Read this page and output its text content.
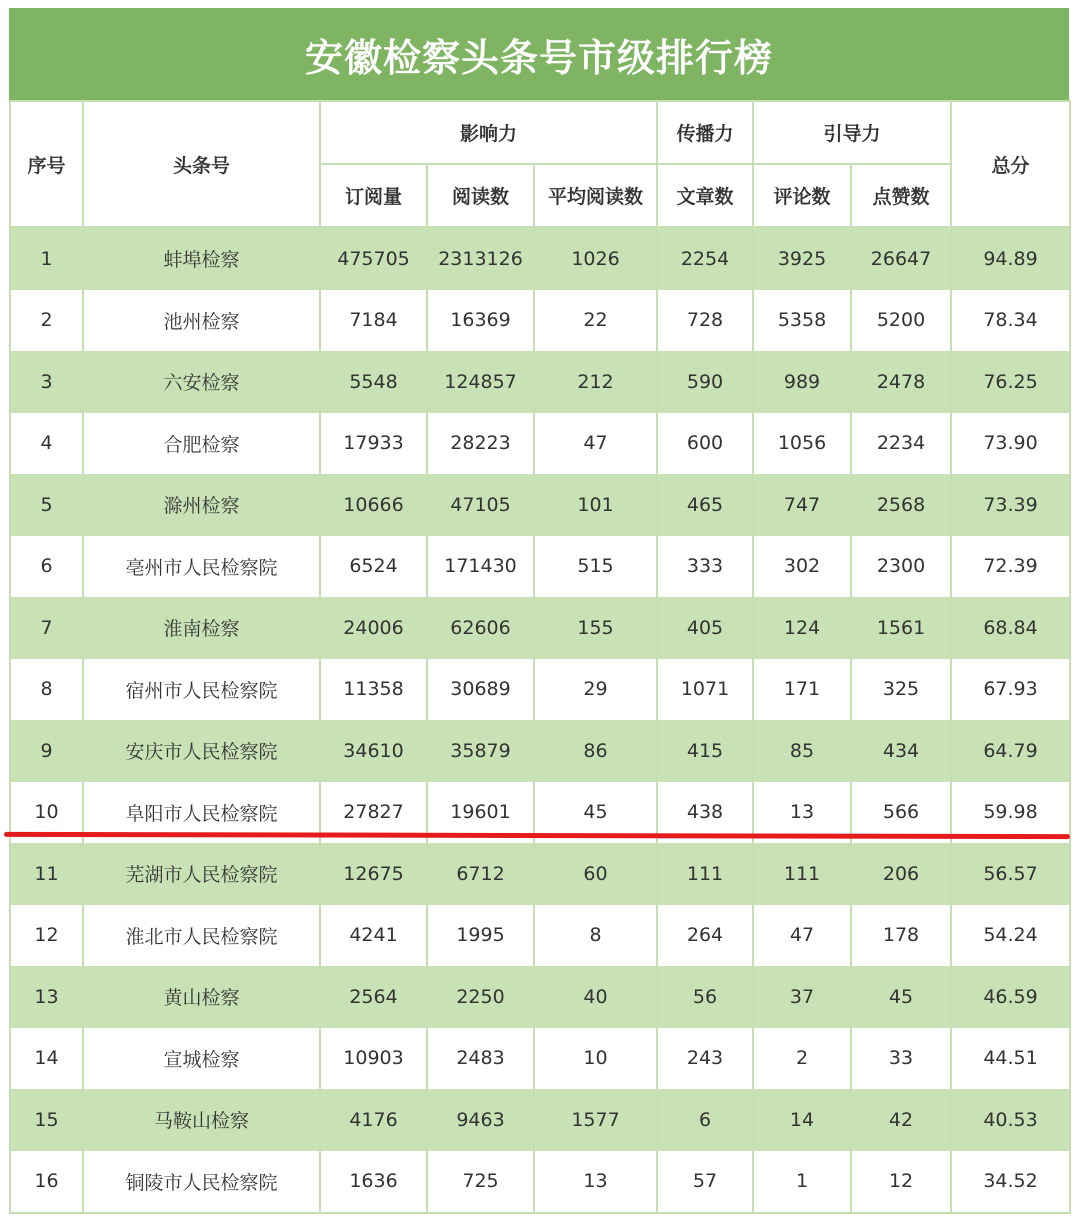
安徽检察头条号市级排行榜
序号	头条号	影响力			传播力	引导力		总分
		订阅量	阅读数	平均阅读数	文章数	评论数	点赞数	
1	蚌埠检察	475705	2313126	1026	2254	3925	26647	94.89
2	池州检察	7184	16369	22	728	5358	5200	78.34
3	六安检察	5548	124857	212	590	989	2478	76.25
4	合肥检察	17933	28223	47	600	1056	2234	73.90
5	滁州检察	10666	47105	101	465	747	2568	73.39
6	亳州市人民检察院	6524	171430	515	333	302	2300	72.39
7	淮南检察	24006	62606	155	405	124	1561	68.84
8	宿州市人民检察院	11358	30689	29	1071	171	325	67.93
9	安庆市人民检察院	34610	35879	86	415	85	434	64.79
10	阜阳市人民检察院	27827	19601	45	438	13	566	59.98
11	芜湖市人民检察院	12675	6712	60	111	111	206	56.57
12	淮北市人民检察院	4241	1995	8	264	47	178	54.24
13	黄山检察	2564	2250	40	56	37	45	46.59
14	宣城检察	10903	2483	10	243	2	33	44.51
15	马鞍山检察	4176	9463	1577	6	14	42	40.53
16	铜陵市人民检察院	1636	725	13	57	1	12	34.52
